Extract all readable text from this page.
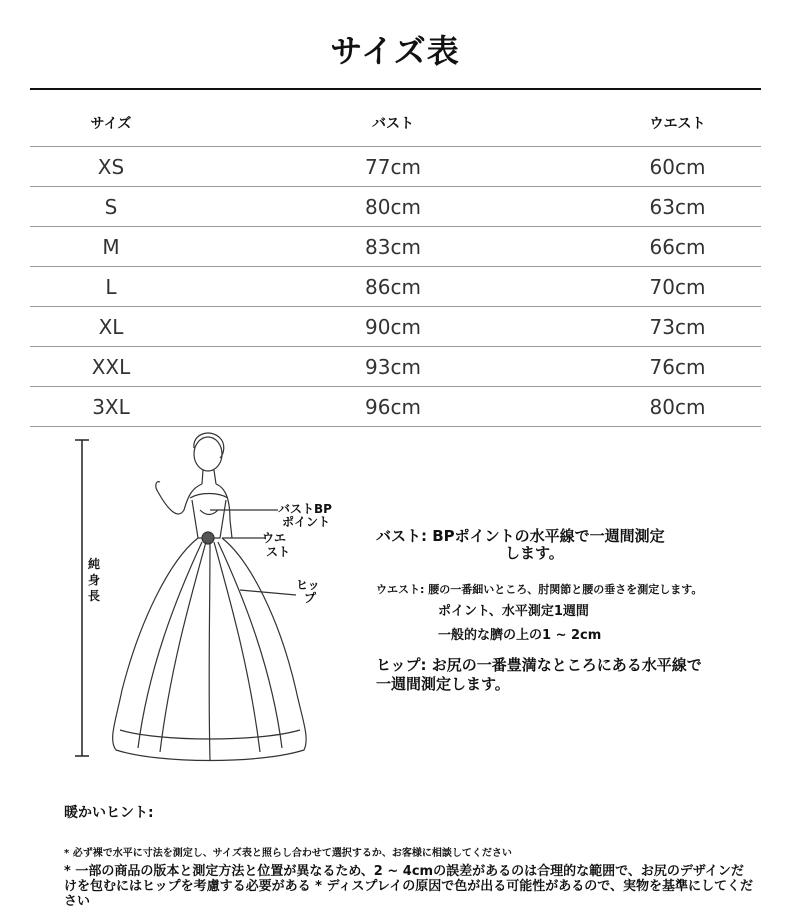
サイズ表
サイズ	バスト	ウエスト
XS	77cm	60cm
S	80cm	63cm
M	83cm	66cm
L	86cm	70cm
XL	90cm	73cm
XXL	93cm	76cm
3XL	96cm	80cm
バストBP
ポイント
ウエ
スト
ヒッ
プ
純
身
長
バスト: BPポイントの水平線で一週間測定
します。
ウエスト: 腰の一番細いところ、肘関節と腰の垂さを測定します。
ポイント、水平測定1週間
一般的な臍の上の1 ~ 2cm
ヒップ: お尻の一番豊満なところにある水平線で
一週間測定します。
暖かいヒント:
* 必ず裸で水平に寸法を測定し、サイズ表と照らし合わせて選択するか、お客様に相談してください
* 一部の商品の版本と測定方法と位置が異なるため、2 ~ 4cmの誤差があるのは合理的な範囲で、お尻のデザインだけを包むにはヒップを考慮する必要がある * ディスプレイの原因で色が出る可能性があるので、実物を基準にしてください
